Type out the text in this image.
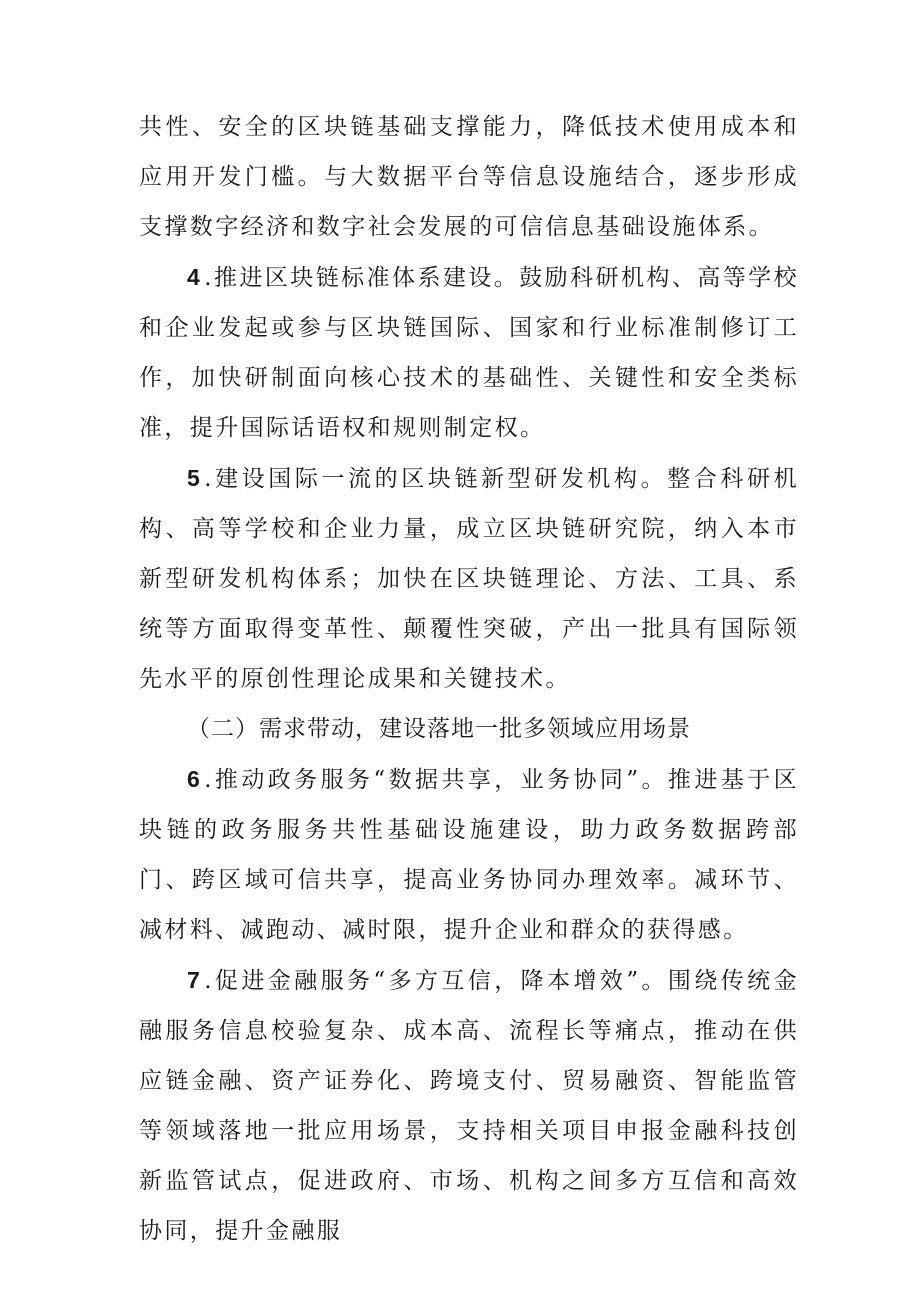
共性、安全的区块链基础支撑能力，降低技术使用成本和应用开发门槛。与大数据平台等信息设施结合，逐步形成支撑数字经济和数字社会发展的可信信息基础设施体系。

4.推进区块链标准体系建设。鼓励科研机构、高等学校和企业发起或参与区块链国际、国家和行业标准制修订工作，加快研制面向核心技术的基础性、关键性和安全类标准，提升国际话语权和规则制定权。

5.建设国际一流的区块链新型研发机构。整合科研机构、高等学校和企业力量，成立区块链研究院，纳入本市新型研发机构体系；加快在区块链理论、方法、工具、系统等方面取得变革性、颠覆性突破，产出一批具有国际领先水平的原创性理论成果和关键技术。

（二）需求带动，建设落地一批多领域应用场景

6.推动政务服务“数据共享，业务协同”。推进基于区块链的政务服务共性基础设施建设，助力政务数据跨部门、跨区域可信共享，提高业务协同办理效率。减环节、减材料、减跑动、减时限，提升企业和群众的获得感。

7.促进金融服务“多方互信，降本增效”。围绕传统金融服务信息校验复杂、成本高、流程长等痛点，推动在供应链金融、资产证券化、跨境支付、贸易融资、智能监管等领域落地一批应用场景，支持相关项目申报金融科技创新监管试点，促进政府、市场、机构之间多方互信和高效协同，提升金融服
